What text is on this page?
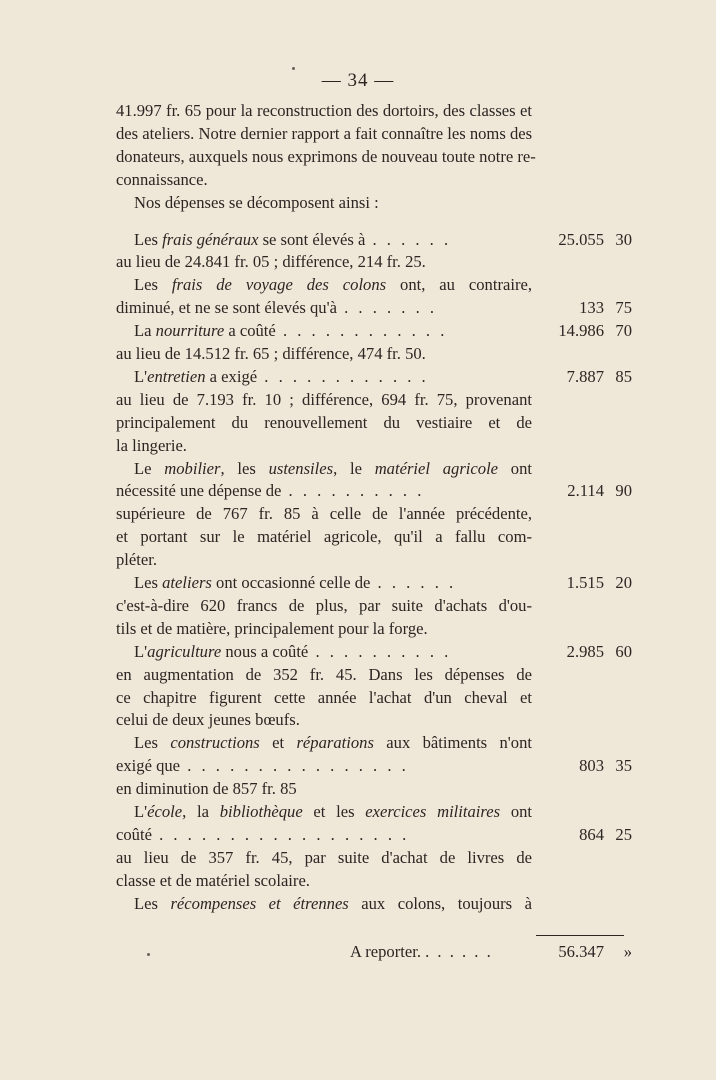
— 34 —
41.997 fr. 65 pour la reconstruction des dortoirs, des classes et
des ateliers. Notre dernier rapport a fait connaître les noms des
donateurs, auxquels nous exprimons de nouveau toute notre re-
connaissance.
Nos dépenses se décomposent ainsi :
Les frais généraux se sont élevés à . . . . . .	25.055 30
au lieu de 24.841 fr. 05 ; différence, 214 fr. 25.
Les frais de voyage des colons ont, au contraire,
diminué, et ne se sont élevés qu'à . . . . . . .	133 75
La nourriture a coûté . . . . . . . . . . . .	14.986 70
au lieu de 14.512 fr. 65 ; différence, 474 fr. 50.
L'entretien a exigé . . . . . . . . . . . .	7.887 85
au lieu de 7.193 fr. 10 ; différence, 694 fr. 75, provenant
principalement du renouvellement du vestiaire et de
la lingerie.
Le mobilier, les ustensiles, le matériel agricole ont
nécessité une dépense de . . . . . . . . . .	2.114 90
supérieure de 767 fr. 85 à celle de l'année précédente,
et portant sur le matériel agricole, qu'il a fallu com-
pléter.
Les ateliers ont occasionné celle de . . . . . .	1.515 20
c'est-à-dire 620 francs de plus, par suite d'achats d'ou-
tils et de matière, principalement pour la forge.
L'agriculture nous a coûté . . . . . . . . . .	2.985 60
en augmentation de 352 fr. 45. Dans les dépenses de
ce chapitre figurent cette année l'achat d'un cheval et
celui de deux jeunes bœufs.
Les constructions et réparations aux bâtiments n'ont
exigé que . . . . . . . . . . . . . . . .	803 35
en diminution de 857 fr. 85
L'école, la bibliothèque et les exercices militaires ont
coûté . . . . . . . . . . . . . . . . . .	864 25
au lieu de 357 fr. 45, par suite d'achat de livres de
classe et de matériel scolaire.
Les récompenses et étrennes aux colons, toujours à
A reporter. . . . . . .	56.347 »
